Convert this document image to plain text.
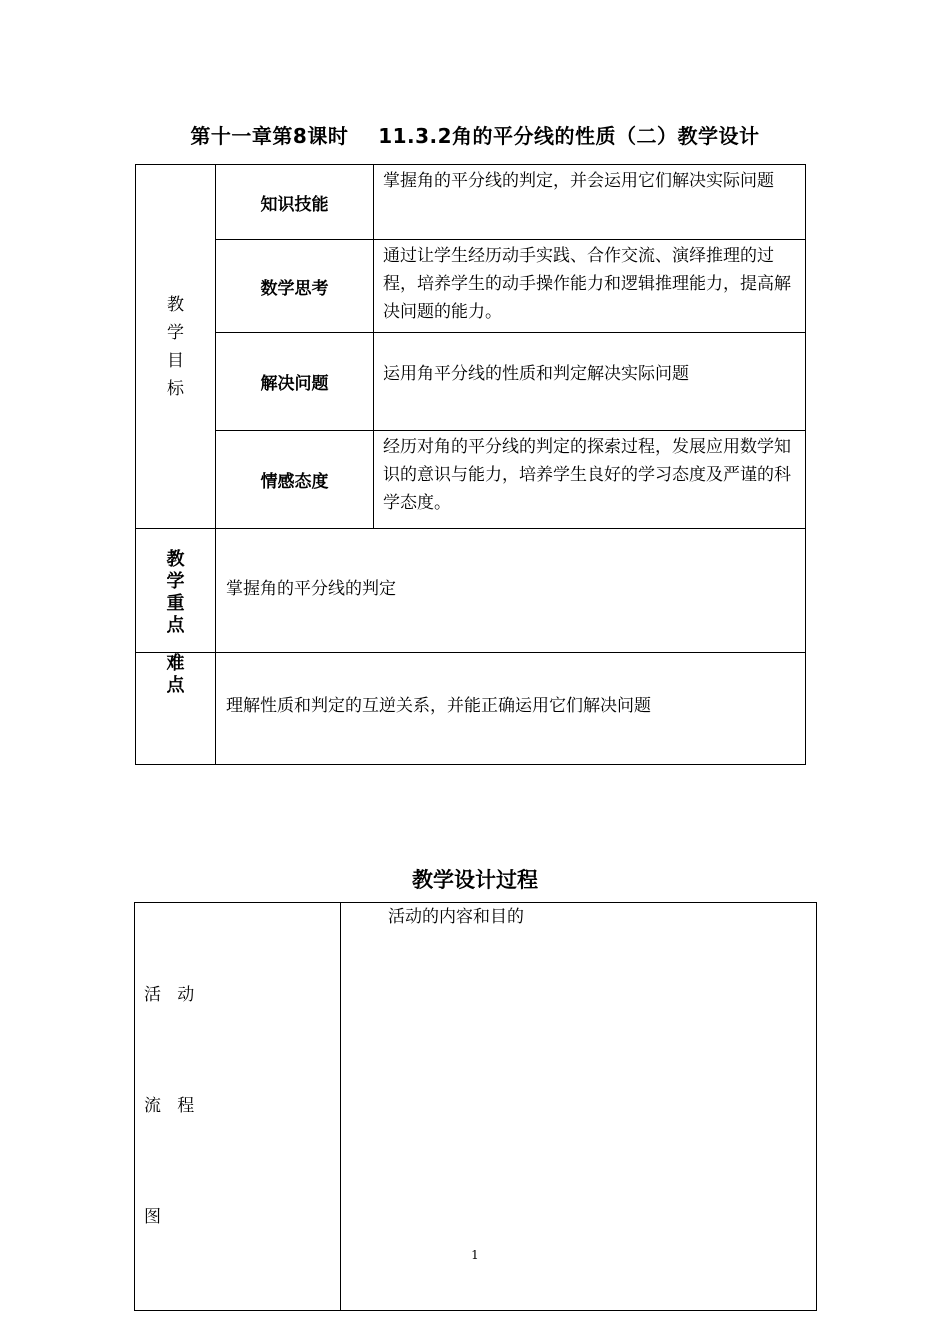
第十一章第8课时    11.3.2角的平分线的性质（二）教学设计
教
学
目
标	知识技能	掌握角的平分线的判定，并会运用它们解决实际问题
	数学思考	通过让学生经历动手实践、合作交流、演绎推理的过程，培养学生的动手操作能力和逻辑推理能力，提高解决问题的能力。
	解决问题	运用角平分线的性质和判定解决实际问题
	情感态度	经历对角的平分线的判定的探索过程，发展应用数学知识的意识与能力，培养学生良好的学习态度及严谨的科学态度。

教
学
重
点	掌握角的平分线的判定	

难
点	理解性质和判定的互逆关系，并能正确运用它们解决问题	
教学设计过程

活   动

流   程

图

	活动的内容和目的
1
